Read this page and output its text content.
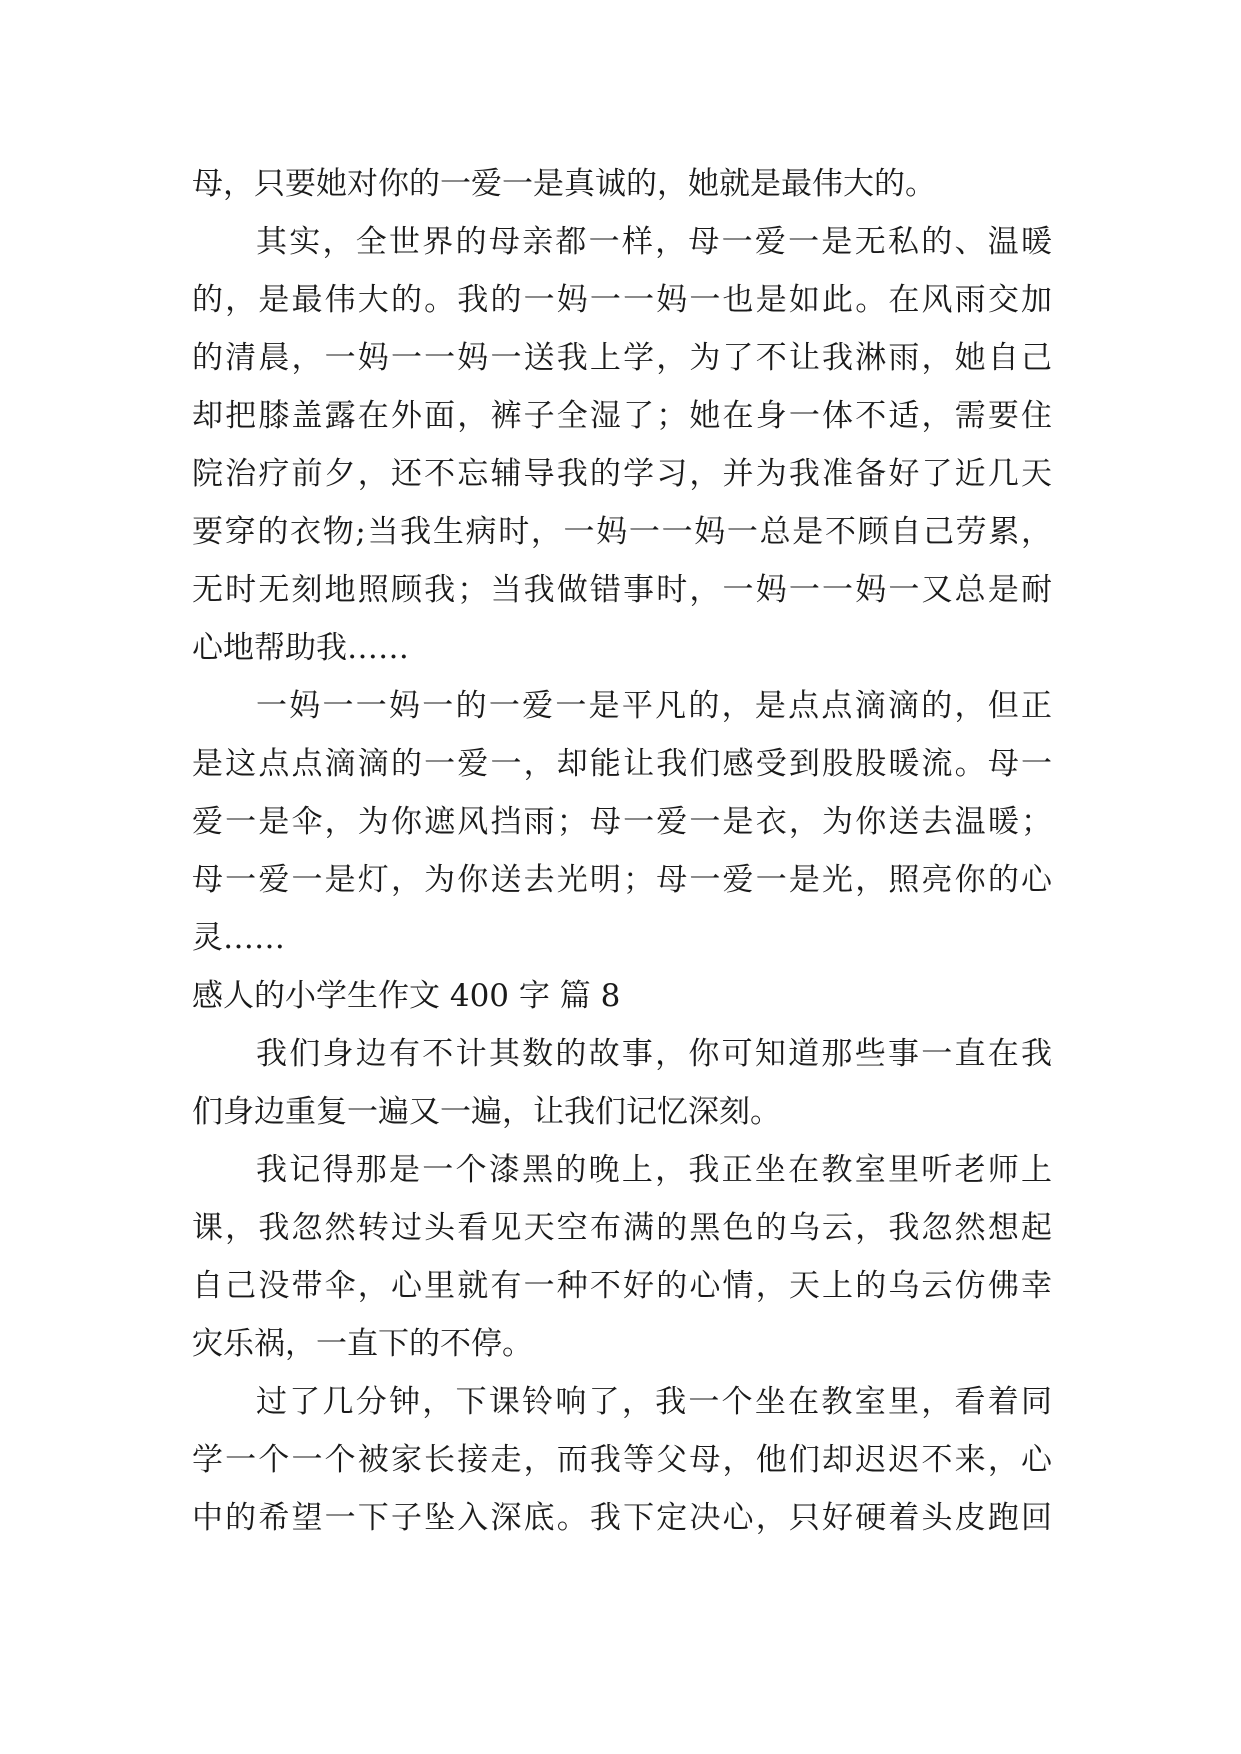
母，只要她对你的一爱一是真诚的，她就是最伟大的。
其实，全世界的母亲都一样，母一爱一是无私的、温暖
的，是最伟大的。我的一妈一一妈一也是如此。在风雨交加
的清晨，一妈一一妈一送我上学，为了不让我淋雨，她自己
却把膝盖露在外面，裤子全湿了；她在身一体不适，需要住
院治疗前夕，还不忘辅导我的学习，并为我准备好了近几天
要穿的衣物;当我生病时，一妈一一妈一总是不顾自己劳累，
无时无刻地照顾我；当我做错事时，一妈一一妈一又总是耐
心地帮助我……
一妈一一妈一的一爱一是平凡的，是点点滴滴的，但正
是这点点滴滴的一爱一，却能让我们感受到股股暖流。母一
爱一是伞，为你遮风挡雨；母一爱一是衣，为你送去温暖；
母一爱一是灯，为你送去光明；母一爱一是光，照亮你的心
灵……
感人的小学生作文 400 字 篇 8
我们身边有不计其数的故事，你可知道那些事一直在我
们身边重复一遍又一遍，让我们记忆深刻。
我记得那是一个漆黑的晚上，我正坐在教室里听老师上
课，我忽然转过头看见天空布满的黑色的乌云，我忽然想起
自己没带伞，心里就有一种不好的心情，天上的乌云仿佛幸
灾乐祸，一直下的不停。
过了几分钟，下课铃响了，我一个坐在教室里，看着同
学一个一个被家长接走，而我等父母，他们却迟迟不来，心
中的希望一下子坠入深底。我下定决心，只好硬着头皮跑回
